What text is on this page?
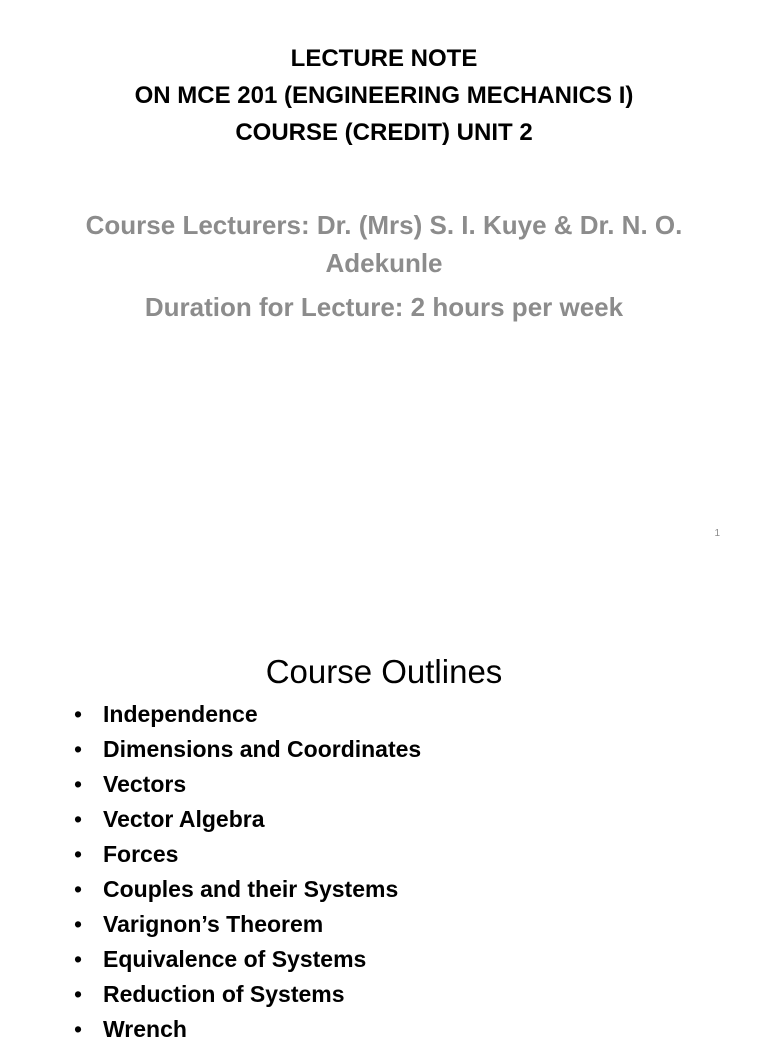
LECTURE NOTE
ON MCE 201 (ENGINEERING MECHANICS I)
COURSE (CREDIT) UNIT 2
Course Lecturers: Dr. (Mrs) S. I. Kuye & Dr. N. O. Adekunle
Duration for Lecture: 2 hours per week
1
Course Outlines
• Independence
• Dimensions and Coordinates
• Vectors
• Vector Algebra
• Forces
• Couples and their Systems
• Varignon’s Theorem
• Equivalence of Systems
• Reduction of Systems
• Wrench
